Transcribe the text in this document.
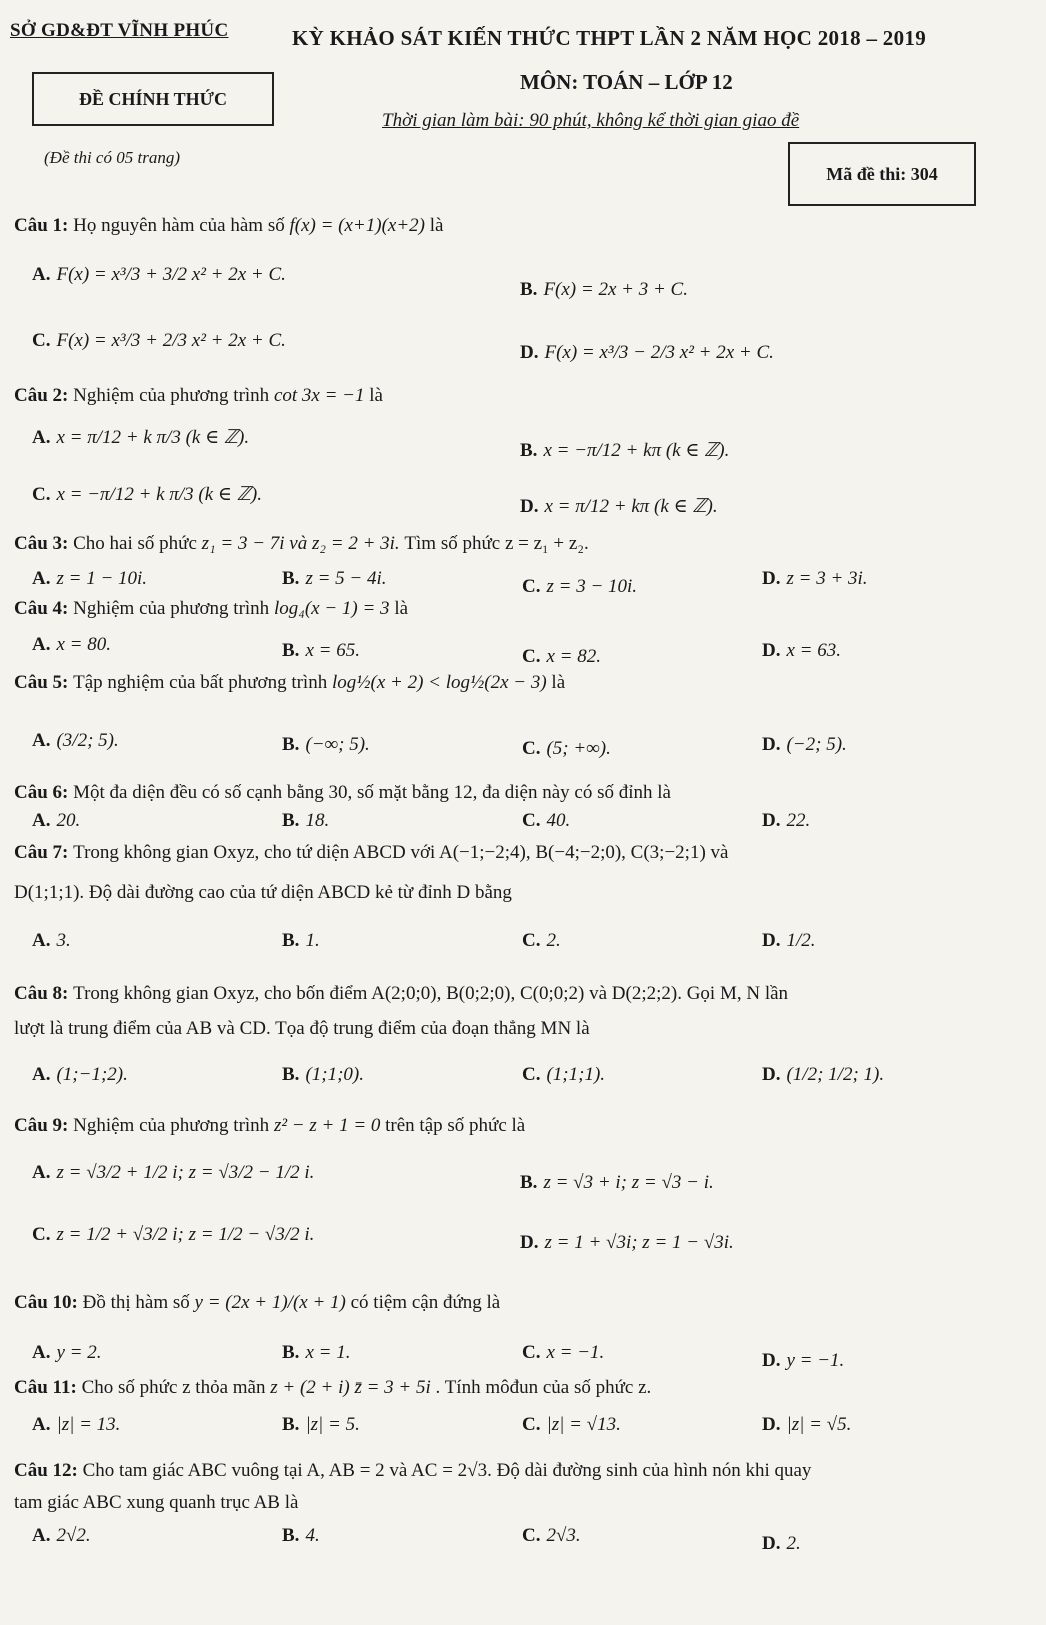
SỞ GD&ĐT VĨNH PHÚC
ĐỀ CHÍNH THỨC
(Đề thi có 05 trang)
KỲ KHẢO SÁT KIẾN THỨC THPT LẦN 2 NĂM HỌC 2018 – 2019
MÔN: TOÁN – LỚP 12
Thời gian làm bài: 90 phút, không kể thời gian giao đề
Mã đề thi: 304
Câu 1: Họ nguyên hàm của hàm số f(x) = (x+1)(x+2) là
A. F(x) = x³/3 + 3/2 x² + 2x + C.
B. F(x) = 2x + 3 + C.
C. F(x) = x³/3 + 2/3 x² + 2x + C.
D. F(x) = x³/3 − 2/3 x² + 2x + C.
Câu 2: Nghiệm của phương trình cot 3x = −1 là
A. x = π/12 + k π/3 (k ∈ ℤ).
B. x = −π/12 + kπ (k ∈ ℤ).
C. x = −π/12 + k π/3 (k ∈ ℤ).
D. x = π/12 + kπ (k ∈ ℤ).
Câu 3: Cho hai số phức z₁ = 3 − 7i và z₂ = 2 + 3i. Tìm số phức z = z₁ + z₂.
A. z = 1 − 10i.	B. z = 5 − 4i.	C. z = 3 − 10i.	D. z = 3 + 3i.
Câu 4: Nghiệm của phương trình log₄(x − 1) = 3 là
A. x = 80.	B. x = 65.	C. x = 82.	D. x = 63.
Câu 5: Tập nghiệm của bất phương trình log½(x + 2) < log½(2x − 3) là
A. (3/2; 5).	B. (−∞; 5).	C. (5; +∞).	D. (−2; 5).
Câu 6: Một đa diện đều có số cạnh bằng 30, số mặt bằng 12, đa diện này có số đỉnh là
A. 20.	B. 18.	C. 40.	D. 22.
Câu 7: Trong không gian Oxyz, cho tứ diện ABCD với A(−1;−2;4), B(−4;−2;0), C(3;−2;1) và
D(1;1;1). Độ dài đường cao của tứ diện ABCD kẻ từ đỉnh D bằng
A. 3.	B. 1.	C. 2.	D. 1/2.
Câu 8: Trong không gian Oxyz, cho bốn điểm A(2;0;0), B(0;2;0), C(0;0;2) và D(2;2;2). Gọi M, N lần
lượt là trung điểm của AB và CD. Tọa độ trung điểm của đoạn thẳng MN là
A. (1;−1;2).	B. (1;1;0).	C. (1;1;1).	D. (1/2; 1/2; 1).
Câu 9: Nghiệm của phương trình z² − z + 1 = 0 trên tập số phức là
A. z = √3/2 + 1/2 i; z = √3/2 − 1/2 i.	B. z = √3 + i; z = √3 − i.
C. z = 1/2 + √3/2 i; z = 1/2 − √3/2 i.	D. z = 1 + √3i; z = 1 − √3i.
Câu 10: Đồ thị hàm số y = (2x + 1)/(x + 1) có tiệm cận đứng là
A. y = 2.	B. x = 1.	C. x = −1.	D. y = −1.
Câu 11: Cho số phức z thỏa mãn z + (2 + i) z̄ = 3 + 5i . Tính môđun của số phức z.
A. |z| = 13.	B. |z| = 5.	C. |z| = √13.	D. |z| = √5.
Câu 12: Cho tam giác ABC vuông tại A, AB = 2 và AC = 2√3. Độ dài đường sinh của hình nón khi quay
tam giác ABC xung quanh trục AB là
A. 2√2.	B. 4.	C. 2√3.	D. 2.
